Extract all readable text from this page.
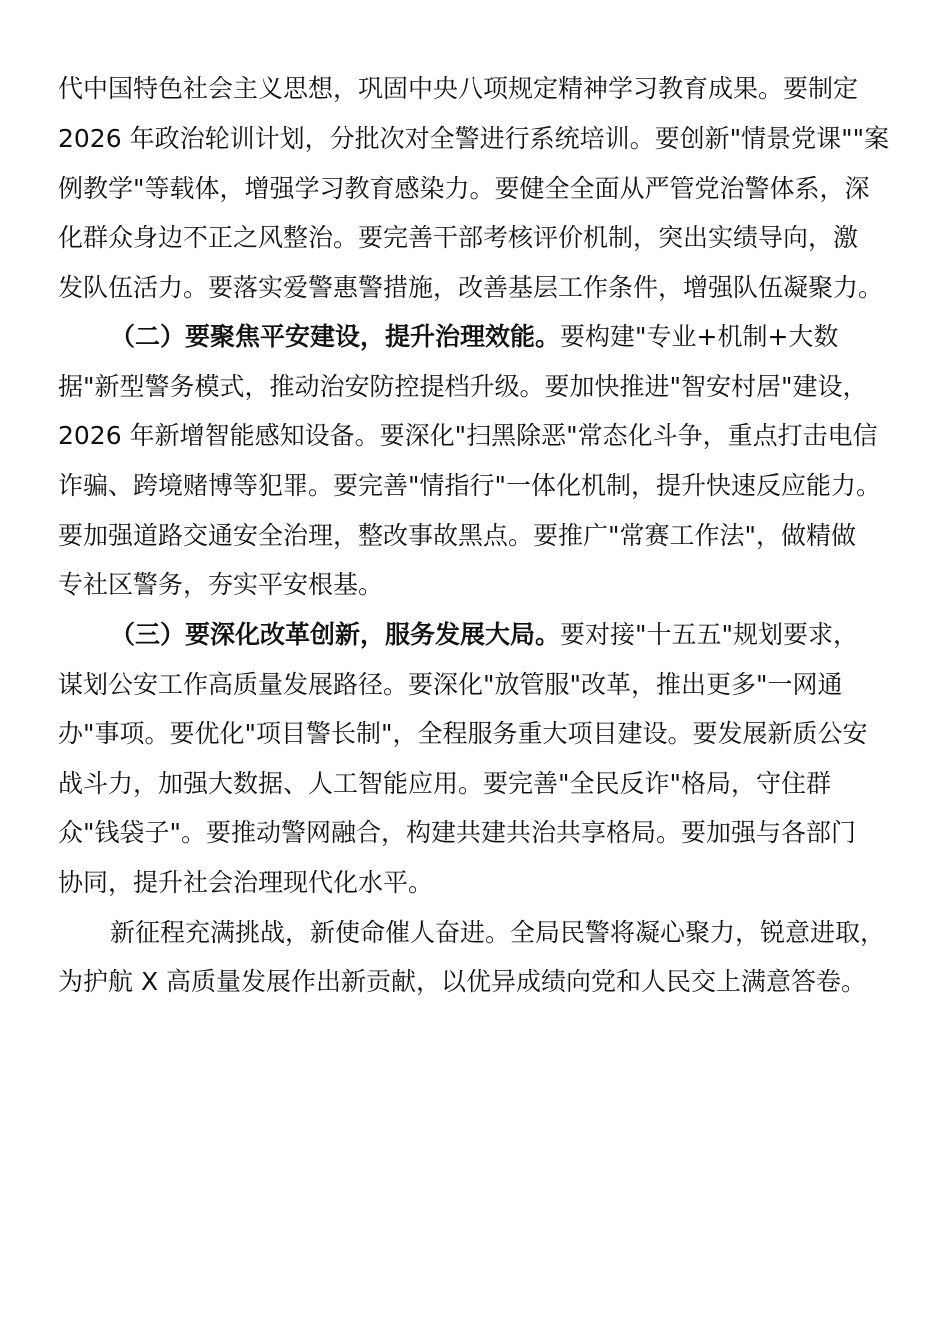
代中国特色社会主义思想，巩固中央八项规定精神学习教育成果。要制定
2026 年政治轮训计划，分批次对全警进行系统培训。要创新"情景党课""案
例教学"等载体，增强学习教育感染力。要健全全面从严管党治警体系，深
化群众身边不正之风整治。要完善干部考核评价机制，突出实绩导向，激
发队伍活力。要落实爱警惠警措施，改善基层工作条件，增强队伍凝聚力。
（二）要聚焦平安建设，提升治理效能。要构建"专业+机制+大数
据"新型警务模式，推动治安防控提档升级。要加快推进"智安村居"建设，
2026 年新增智能感知设备。要深化"扫黑除恶"常态化斗争，重点打击电信
诈骗、跨境赌博等犯罪。要完善"情指行"一体化机制，提升快速反应能力。
要加强道路交通安全治理，整改事故黑点。要推广"常赛工作法"，做精做
专社区警务，夯实平安根基。
（三）要深化改革创新，服务发展大局。要对接"十五五"规划要求，
谋划公安工作高质量发展路径。要深化"放管服"改革，推出更多"一网通
办"事项。要优化"项目警长制"，全程服务重大项目建设。要发展新质公安
战斗力，加强大数据、人工智能应用。要完善"全民反诈"格局，守住群
众"钱袋子"。要推动警网融合，构建共建共治共享格局。要加强与各部门
协同，提升社会治理现代化水平。
新征程充满挑战，新使命催人奋进。全局民警将凝心聚力，锐意进取，
为护航 X 高质量发展作出新贡献，以优异成绩向党和人民交上满意答卷。
